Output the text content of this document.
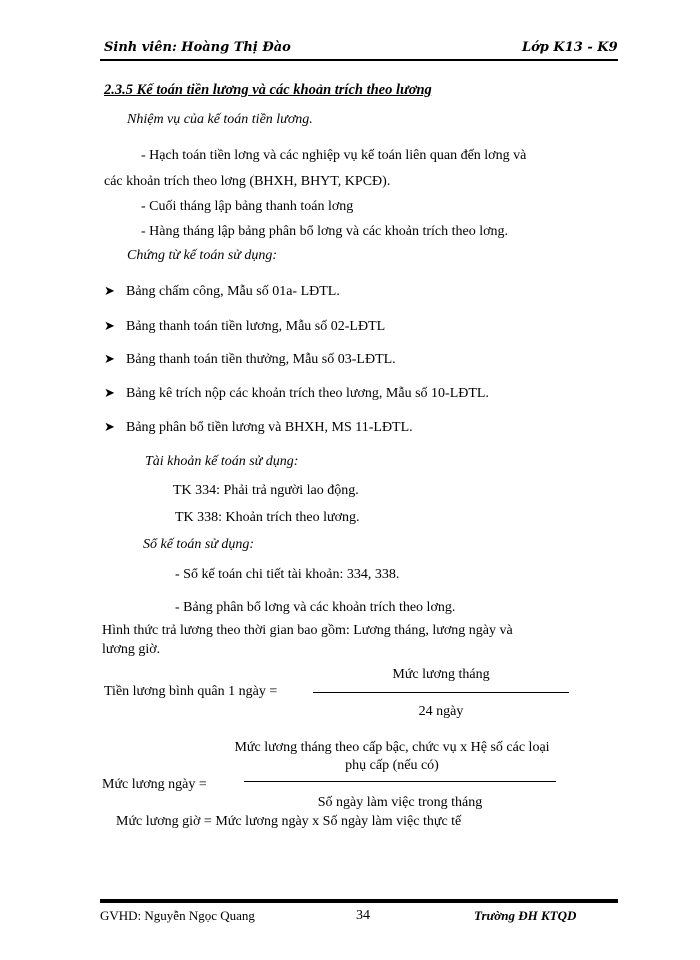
Sinh viên: Hoàng Thị Đào	Lớp K13 - K9
2.3.5 Kế toán tiền lương và các khoản trích theo lương
Nhiệm vụ của kế toán tiền lương.
- Hạch toán tiền lơng và các nghiệp vụ kế toán liên quan đến lơng và
các khoản trích theo lơng (BHXH, BHYT, KPCĐ).
- Cuối tháng lập bảng thanh toán lơng
- Hàng tháng lập bảng phân bổ lơng và các khoản trích theo lơng.
Chứng từ kế toán sử dụng:
➤ Bảng chấm công, Mẫu số 01a- LĐTL.
➤ Bảng thanh toán tiền lương, Mẫu số 02-LĐTL
➤ Bảng thanh toán tiền thưởng, Mẫu số 03-LĐTL.
➤ Bảng kê trích nộp các khoản trích theo lương, Mẫu số 10-LĐTL.
➤ Bảng phân bổ tiền lương và BHXH, MS 11-LĐTL.
Tài khoản kế toán sử dụng:
TK 334: Phải trả người lao động.
TK 338: Khoản trích theo lương.
Sổ kế toán sử dụng:
- Sổ kế toán chi tiết tài khoản: 334, 338.
- Bảng phân bổ lơng và các khoản trích theo lơng.
Hình thức trả lương theo thời gian bao gồm: Lương tháng, lương ngày và
lương giờ.
Mức lương tháng
Tiền lương bình quân 1 ngày =
24 ngày
Mức lương tháng theo cấp bậc, chức vụ x Hệ số các loại
phụ cấp (nếu có)
Mức lương ngày =
Số ngày làm việc trong tháng
Mức lương giờ = Mức lương ngày x Số ngày làm việc thực tế
GVHD: Nguyễn Ngọc Quang	34	Trường ĐH KTQD
